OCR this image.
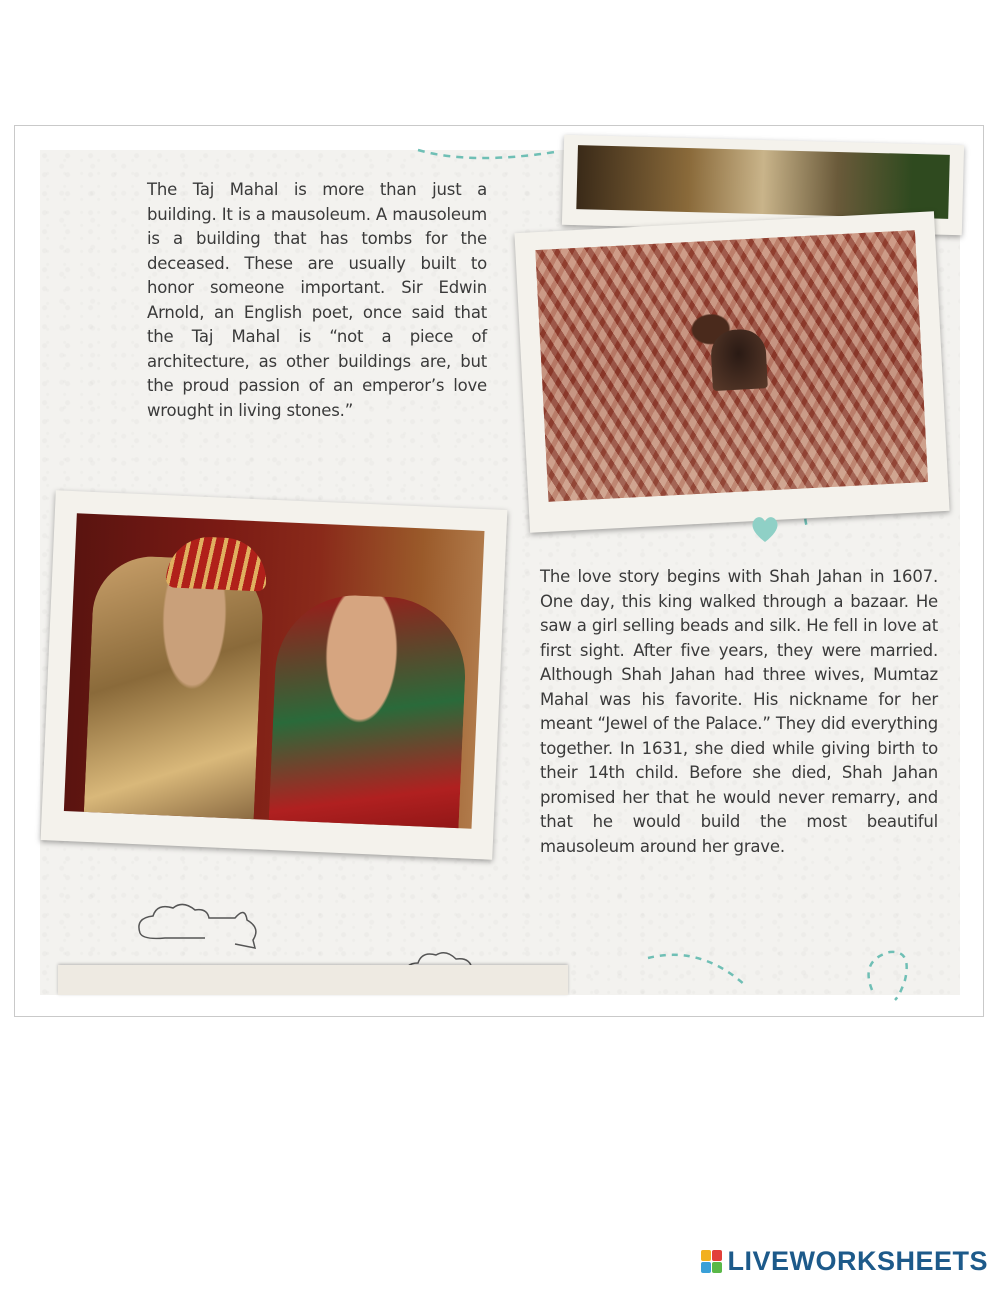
The Taj Mahal is more than just a building. It is a mausoleum. A mausoleum is a building that has tombs for the deceased. These are usually built to honor someone important. Sir Edwin Arnold, an English poet, once said that the Taj Mahal is “not a piece of architecture, as other buildings are, but the proud passion of an emperor’s love wrought in living stones.”
The love story begins with Shah Jahan in 1607. One day, this king walked through a bazaar. He saw a girl selling beads and silk. He fell in love at first sight. After five years, they were married. Although Shah Jahan had three wives, Mumtaz Mahal was his favorite. His nickname for her meant “Jewel of the Palace.” They did everything together. In 1631, she died while giving birth to their 14th child. Before she died, Shah Jahan promised her that he would never remarry, and that he would build the most beautiful mausoleum around her grave.
LIVEWORKSHEETS
